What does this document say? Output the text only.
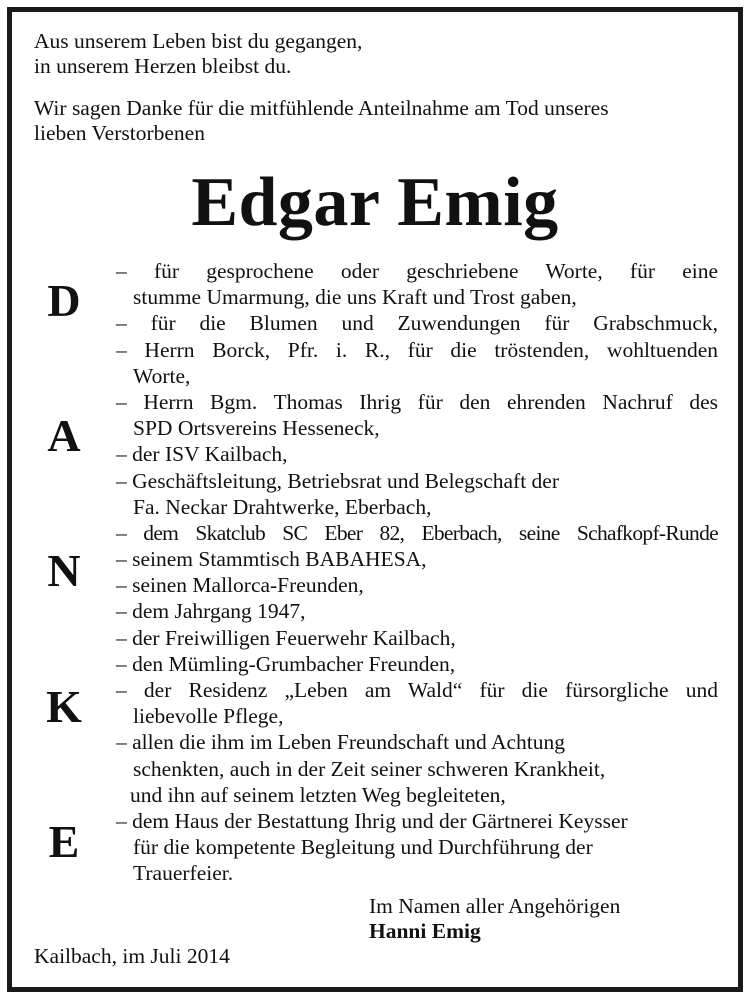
Aus unserem Leben bist du gegangen,
in unserem Herzen bleibst du.
Wir sagen Danke für die mitfühlende Anteilnahme am Tod unseres
lieben Verstorbenen
Edgar Emig
D
A
N
K
E
– für gesprochene oder geschriebene Worte, für eine
stumme Umarmung, die uns Kraft und Trost gaben,
– für die Blumen und Zuwendungen für Grabschmuck,
– Herrn Borck, Pfr. i. R., für die tröstenden, wohltuenden
Worte,
– Herrn Bgm. Thomas Ihrig für den ehrenden Nachruf des
SPD Ortsvereins Hesseneck,
– der ISV Kailbach,
– Geschäftsleitung, Betriebsrat und Belegschaft der
Fa. Neckar Drahtwerke, Eberbach,
– dem Skatclub SC Eber 82, Eberbach, seine Schafkopf-Runde
– seinem Stammtisch BABAHESA,
– seinen Mallorca-Freunden,
– dem Jahrgang 1947,
– der Freiwilligen Feuerwehr Kailbach,
– den Mümling-Grumbacher Freunden,
– der Residenz „Leben am Wald“ für die fürsorgliche und
liebevolle Pflege,
– allen die ihm im Leben Freundschaft und Achtung
schenkten, auch in der Zeit seiner schweren Krankheit,
und ihn auf seinem letzten Weg begleiteten,
– dem Haus der Bestattung Ihrig und der Gärtnerei Keysser
für die kompetente Begleitung und Durchführung der
Trauerfeier.
Im Namen aller Angehörigen
Hanni Emig
Kailbach, im Juli 2014
